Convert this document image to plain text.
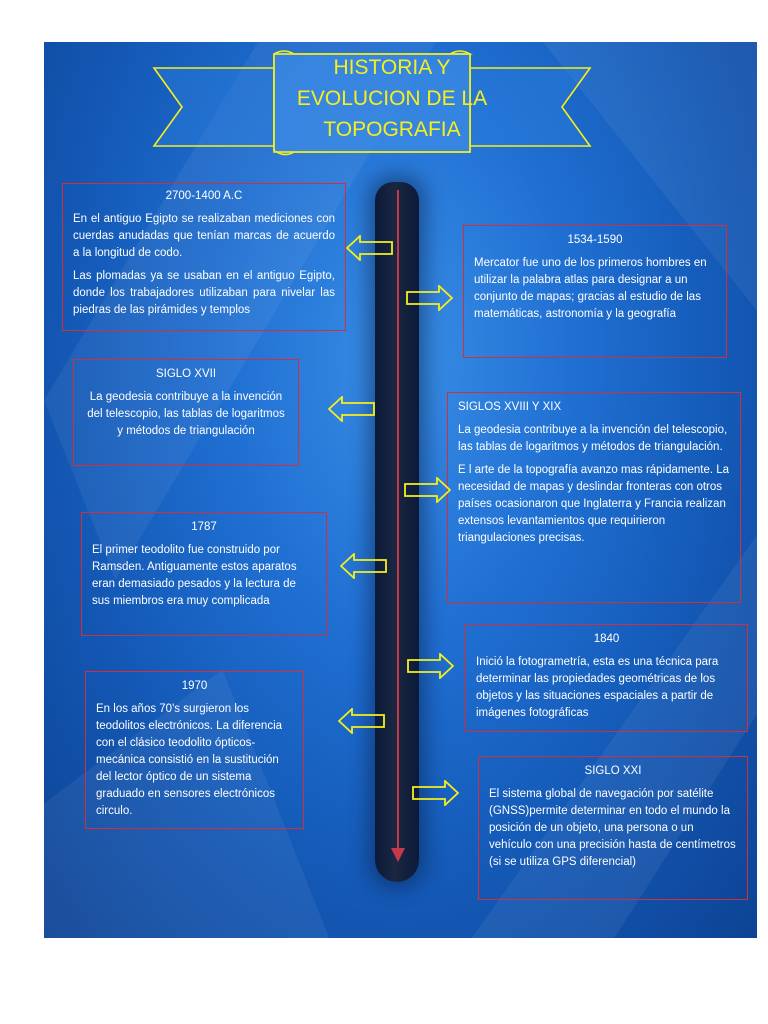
HISTORIA Y
EVOLUCION DE LA
TOPOGRAFIA
2700-1400 A.C

En el antiguo Egipto se realizaban mediciones con cuerdas anudadas que tenían marcas de acuerdo a la longitud de codo.

Las plomadas ya se usaban en el antiguo Egipto, donde los trabajadores utilizaban para nivelar las piedras de las pirámides y templos

1534-1590

Mercator fue uno de los primeros hombres en utilizar la palabra atlas para designar a un conjunto de mapas; gracias al estudio de las matemáticas, astronomía y la geografía

SIGLO XVII

La geodesia contribuye a la invención del telescopio, las tablas de logaritmos y métodos de triangulación

SIGLOS XVIII Y XIX

La geodesia contribuye a la invención del telescopio, las tablas de logaritmos y métodos de triangulación.

E l arte de la topografía avanzo mas rápidamente. La necesidad de mapas y deslindar fronteras con otros países ocasionaron que Inglaterra y Francia realizan extensos levantamientos que requirieron triangulaciones precisas.

1787

El primer teodolito fue construido por Ramsden. Antiguamente estos aparatos eran demasiado pesados y la lectura de sus miembros era muy complicada

1840

Inició la fotogrametría, esta es una técnica para determinar las propiedades geométricas de los objetos y las situaciones espaciales a partir de imágenes fotográficas

1970

En los años 70's surgieron los teodolitos electrónicos. La diferencia con el clásico teodolito ópticos-mecánica consistió en la sustitución del lector óptico de un sistema graduado en sensores electrónicos circulo.

SIGLO XXI

El sistema global de navegación por satélite (GNSS)permite determinar en todo el mundo la posición de un objeto, una persona o un vehículo con una precisión hasta de centímetros (si se utiliza GPS diferencial)
